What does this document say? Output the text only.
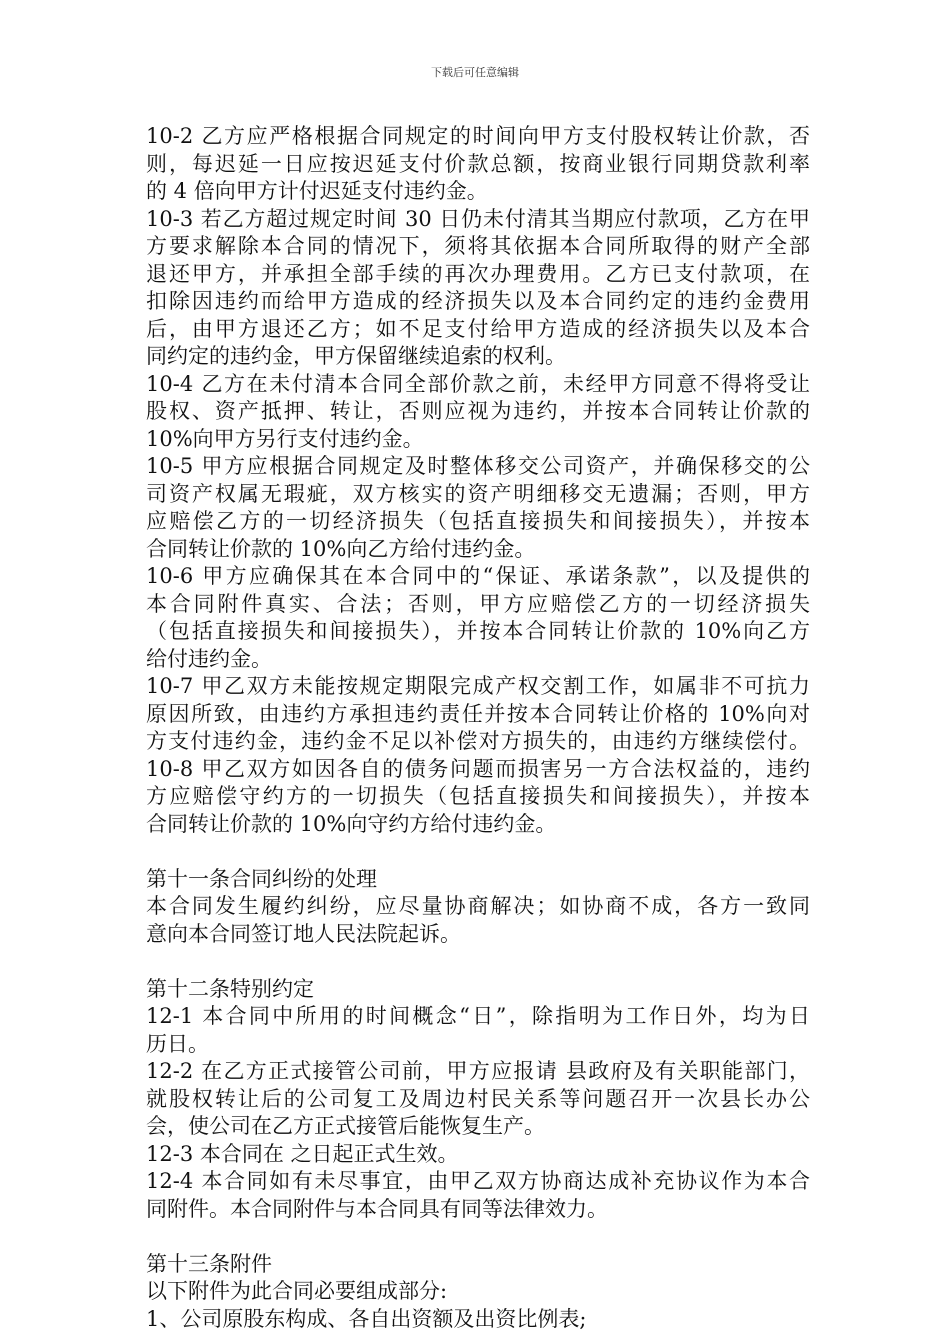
下载后可任意编辑
10-2 乙方应严格根据合同规定的时间向甲方支付股权转让价款，否
则，每迟延一日应按迟延支付价款总额，按商业银行同期贷款利率
的 4 倍向甲方计付迟延支付违约金。
10-3 若乙方超过规定时间 30 日仍未付清其当期应付款项，乙方在甲
方要求解除本合同的情况下，须将其依据本合同所取得的财产全部
退还甲方，并承担全部手续的再次办理费用。乙方已支付款项，在
扣除因违约而给甲方造成的经济损失以及本合同约定的违约金费用
后，由甲方退还乙方；如不足支付给甲方造成的经济损失以及本合
同约定的违约金，甲方保留继续追索的权利。
10-4 乙方在未付清本合同全部价款之前，未经甲方同意不得将受让
股权、资产抵押、转让，否则应视为违约，并按本合同转让价款的
10%向甲方另行支付违约金。
10-5 甲方应根据合同规定及时整体移交公司资产，并确保移交的公
司资产权属无瑕疵，双方核实的资产明细移交无遗漏；否则，甲方
应赔偿乙方的一切经济损失（包括直接损失和间接损失），并按本
合同转让价款的 10%向乙方给付违约金。
10-6 甲方应确保其在本合同中的“保证、承诺条款”，以及提供的
本合同附件真实、合法；否则，甲方应赔偿乙方的一切经济损失
（包括直接损失和间接损失），并按本合同转让价款的 10%向乙方
给付违约金。
10-7 甲乙双方未能按规定期限完成产权交割工作，如属非不可抗力
原因所致，由违约方承担违约责任并按本合同转让价格的 10%向对
方支付违约金，违约金不足以补偿对方损失的，由违约方继续偿付。
10-8 甲乙双方如因各自的债务问题而损害另一方合法权益的，违约
方应赔偿守约方的一切损失（包括直接损失和间接损失），并按本
合同转让价款的 10%向守约方给付违约金。
第十一条合同纠纷的处理
本合同发生履约纠纷，应尽量协商解决；如协商不成，各方一致同
意向本合同签订地人民法院起诉。
第十二条特别约定
12-1 本合同中所用的时间概念“日”，除指明为工作日外，均为日
历日。
12-2 在乙方正式接管公司前，甲方应报请 县政府及有关职能部门，
就股权转让后的公司复工及周边村民关系等问题召开一次县长办公
会，使公司在乙方正式接管后能恢复生产。
12-3 本合同在 之日起正式生效。
12-4 本合同如有未尽事宜，由甲乙双方协商达成补充协议作为本合
同附件。本合同附件与本合同具有同等法律效力。
第十三条附件
以下附件为此合同必要组成部分:
1、公司原股东构成、各自出资额及出资比例表;
